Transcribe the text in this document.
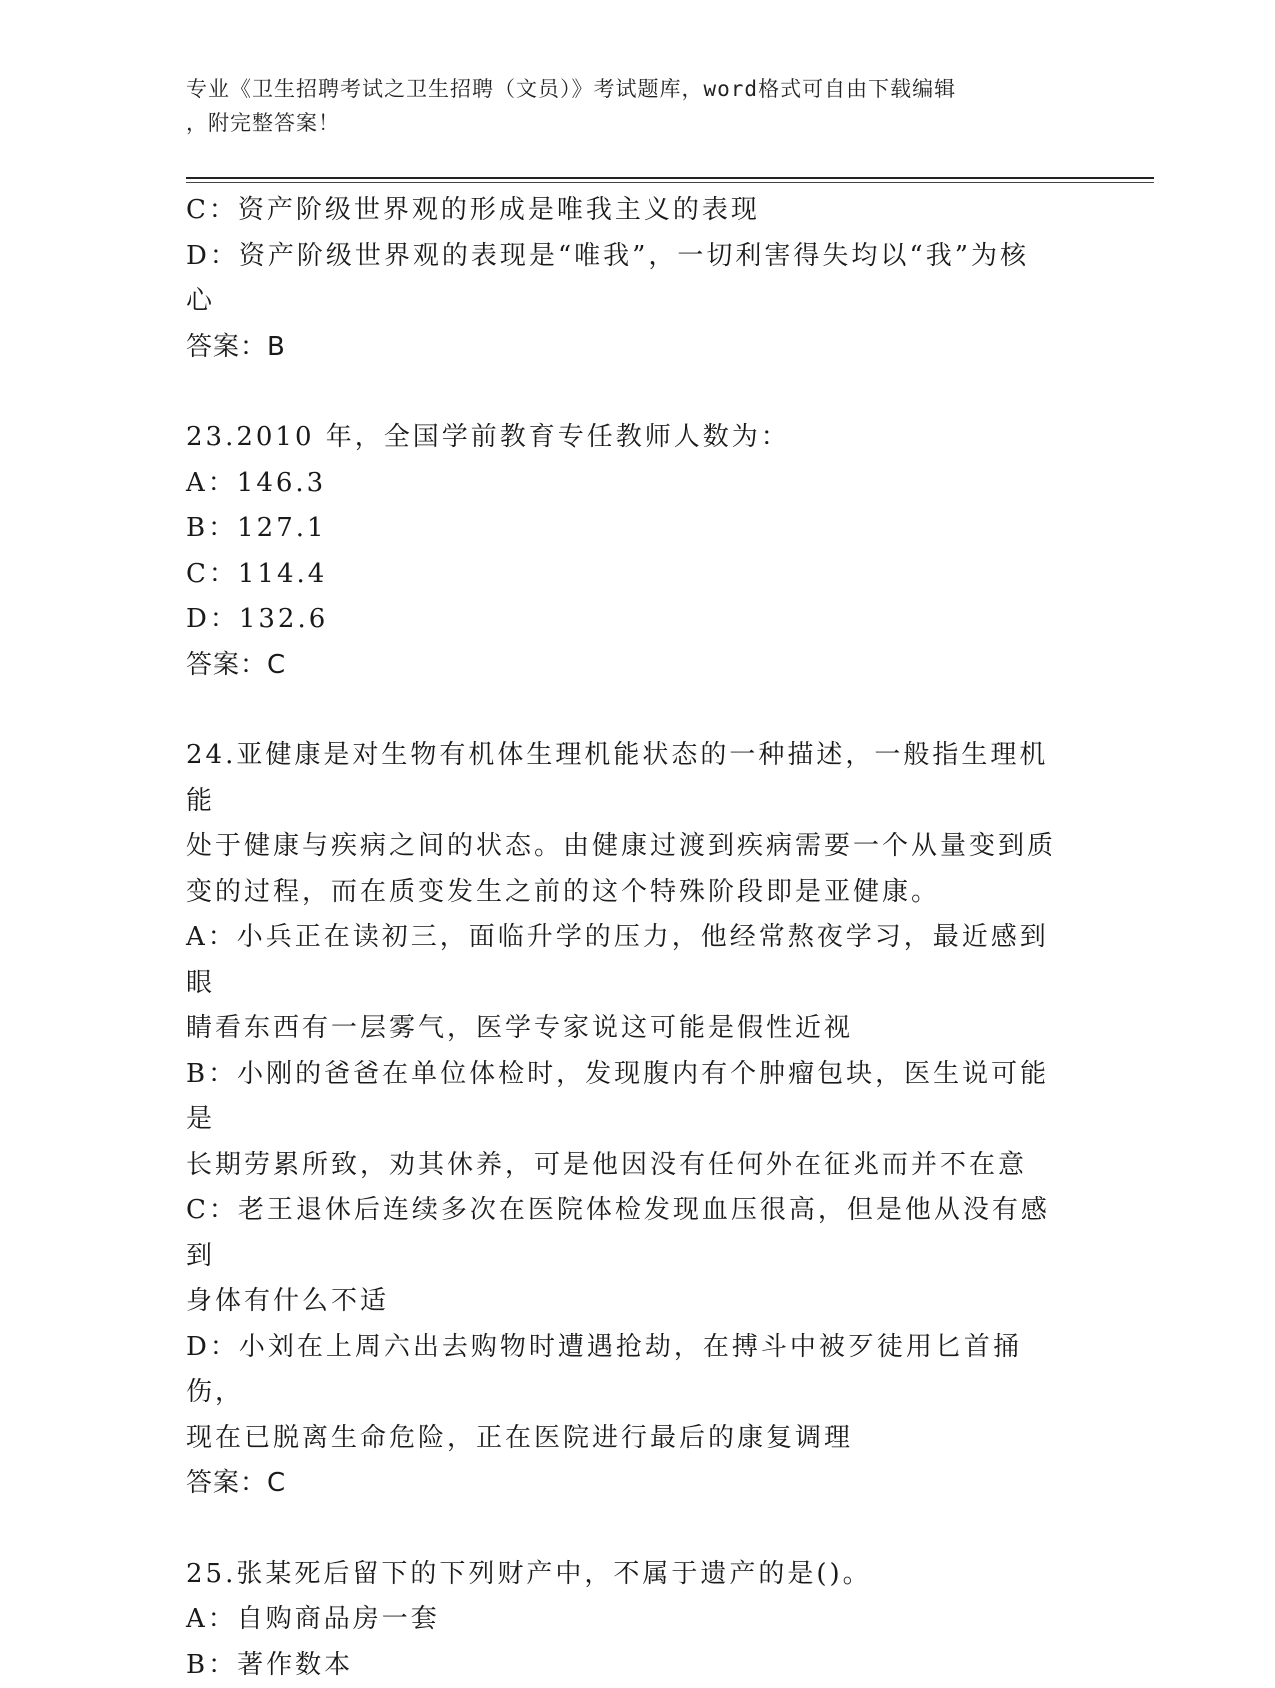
专业《卫生招聘考试之卫生招聘（文员）》考试题库，word格式可自由下载编辑
，附完整答案！
C：资产阶级世界观的形成是唯我主义的表现
D：资产阶级世界观的表现是“唯我”，一切利害得失均以“我”为核
心
答案：B
23.2010 年，全国学前教育专任教师人数为：
A：146.3
B：127.1
C：114.4
D：132.6
答案：C
24.亚健康是对生物有机体生理机能状态的一种描述，一般指生理机能
处于健康与疾病之间的状态。由健康过渡到疾病需要一个从量变到质
变的过程，而在质变发生之前的这个特殊阶段即是亚健康。
A：小兵正在读初三，面临升学的压力，他经常熬夜学习，最近感到眼
睛看东西有一层雾气，医学专家说这可能是假性近视
B：小刚的爸爸在单位体检时，发现腹内有个肿瘤包块，医生说可能是
长期劳累所致，劝其休养，可是他因没有任何外在征兆而并不在意
C：老王退休后连续多次在医院体检发现血压很高，但是他从没有感到
身体有什么不适
D：小刘在上周六出去购物时遭遇抢劫，在搏斗中被歹徒用匕首捅伤，
现在已脱离生命危险，正在医院进行最后的康复调理
答案：C
25.张某死后留下的下列财产中，不属于遗产的是()。
A：自购商品房一套
B：著作数本
